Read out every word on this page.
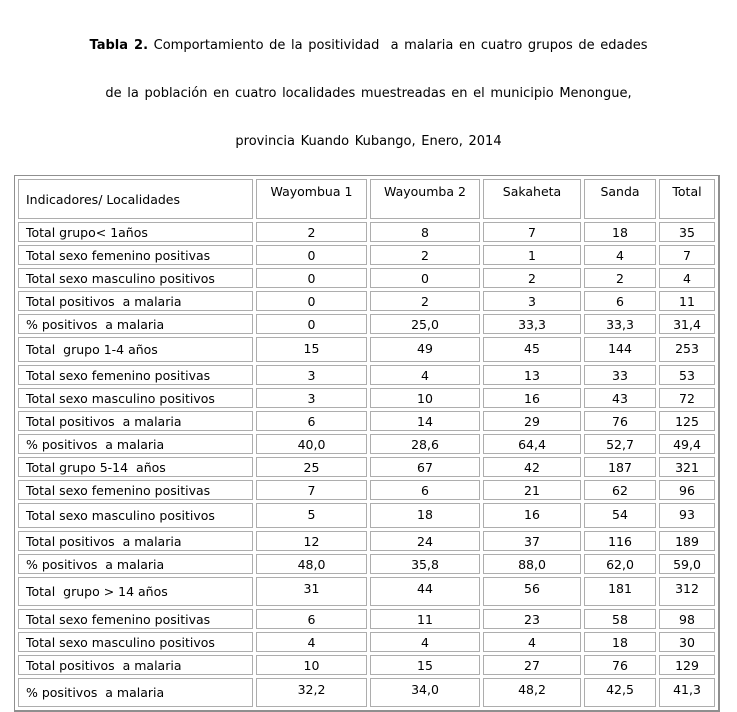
Tabla 2. Comportamiento de la positividad  a malaria en cuatro grupos de edades

de la población en cuatro localidades muestreadas en el municipio Menongue,

provincia Kuando Kubango, Enero, 2014

Indicadores/ Localidades	Wayombua 1	Wayoumba 2	Sakaheta	Sanda	Total
Total grupo< 1años	2	8	7	18	35
Total sexo femenino positivas	0	2	1	4	7
Total sexo masculino positivos	0	0	2	2	4
Total positivos  a malaria	0	2	3	6	11
% positivos  a malaria	0	25,0	33,3	33,3	31,4
Total  grupo 1-4 años	15	49	45	144	253
Total sexo femenino positivas	3	4	13	33	53
Total sexo masculino positivos	3	10	16	43	72
Total positivos  a malaria	6	14	29	76	125
% positivos  a malaria	40,0	28,6	64,4	52,7	49,4
Total grupo 5-14  años	25	67	42	187	321
Total sexo femenino positivas	7	6	21	62	96
Total sexo masculino positivos	5	18	16	54	93
Total positivos  a malaria	12	24	37	116	189
% positivos  a malaria	48,0	35,8	88,0	62,0	59,0
Total  grupo > 14 años	31	44	56	181	312
Total sexo femenino positivas	6	11	23	58	98
Total sexo masculino positivos	4	4	4	18	30
Total positivos  a malaria	10	15	27	76	129
% positivos  a malaria	32,2	34,0	48,2	42,5	41,3
